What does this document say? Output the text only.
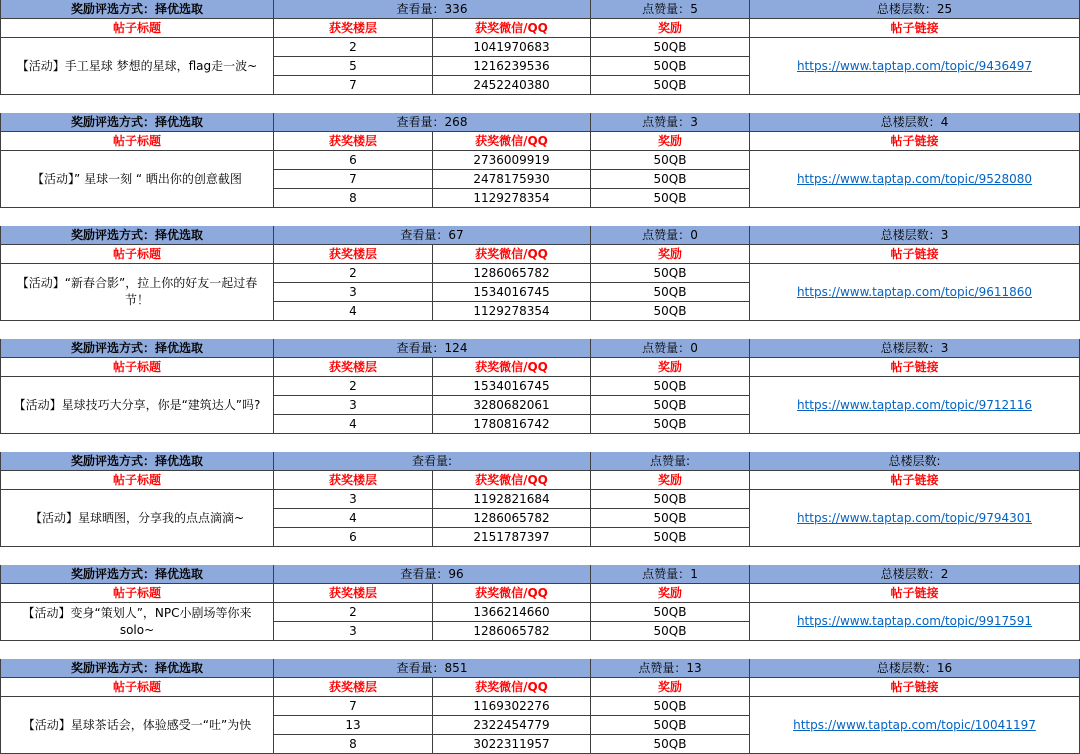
奖励评选方式：择优选取	查看量： 336	点赞量： 5	总楼层数： 25
帖子标题	获奖楼层	获奖微信/QQ	奖励	帖子链接
【活动】手工星球 梦想的星球，flag走一波~	https://www.taptap.com/topic/9436497
2	1041970683	50QB
5	1216239536	50QB
7	2452240380	50QB
奖励评选方式：择优选取	查看量： 268	点赞量： 3	总楼层数： 4
帖子标题	获奖楼层	获奖微信/QQ	奖励	帖子链接
【活动】” 星球一刻 “ 晒出你的创意截图	https://www.taptap.com/topic/9528080
6	2736009919	50QB
7	2478175930	50QB
8	1129278354	50QB
奖励评选方式：择优选取	查看量： 67	点赞量： 0	总楼层数： 3
帖子标题	获奖楼层	获奖微信/QQ	奖励	帖子链接
【活动】“新春合影”，拉上你的好友一起过春节！
https://www.taptap.com/topic/9611860
2	1286065782	50QB
3	1534016745	50QB
4	1129278354	50QB
奖励评选方式：择优选取	查看量： 124	点赞量： 0	总楼层数： 3
帖子标题	获奖楼层	获奖微信/QQ	奖励	帖子链接
【活动】星球技巧大分享，你是“建筑达人”吗?	https://www.taptap.com/topic/9712116
2	1534016745	50QB
3	3280682061	50QB
4	1780816742	50QB
奖励评选方式：择优选取	查看量:	点赞量:	总楼层数:
帖子标题	获奖楼层	获奖微信/QQ	奖励	帖子链接
【活动】星球晒图，分享我的点点滴滴~	https://www.taptap.com/topic/9794301
3	1192821684	50QB
4	1286065782	50QB
6	2151787397	50QB
奖励评选方式：择优选取	查看量： 96	点赞量： 1	总楼层数： 2
帖子标题	获奖楼层	获奖微信/QQ	奖励	帖子链接
【活动】变身“策划人”，NPC小剧场等你来solo~
https://www.taptap.com/topic/9917591
2	1366214660	50QB
3	1286065782	50QB
奖励评选方式：择优选取	查看量： 851	点赞量： 13	总楼层数： 16
帖子标题	获奖楼层	获奖微信/QQ	奖励	帖子链接
【活动】星球茶话会，体验感受一“吐”为快	https://www.taptap.com/topic/10041197
7	1169302276	50QB
13	2322454779	50QB
8	3022311957	50QB
